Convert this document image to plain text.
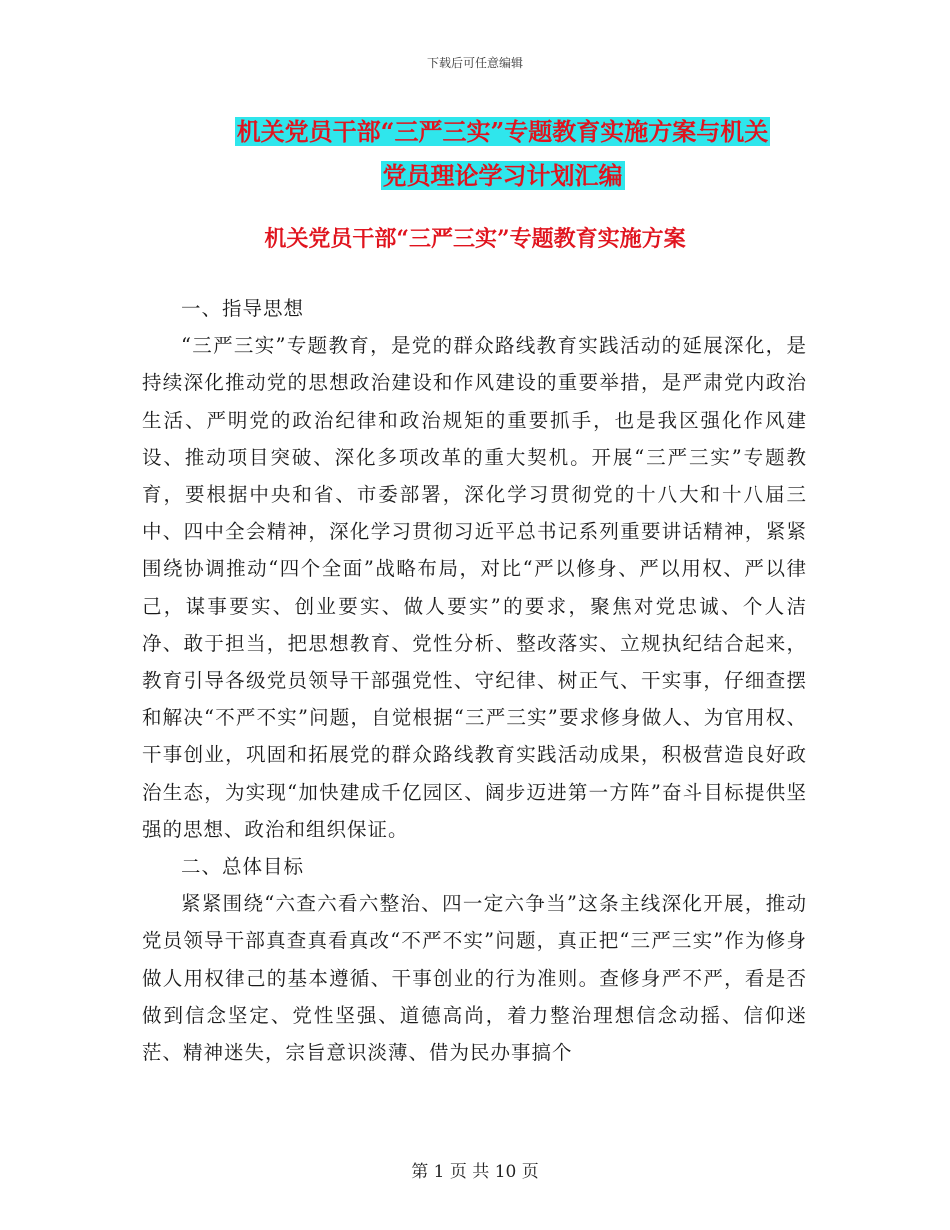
下载后可任意编辑
机关党员干部“三严三实”专题教育实施方案与机关
党员理论学习计划汇编
机关党员干部“三严三实”专题教育实施方案
一、指导思想

“三严三实”专题教育，是党的群众路线教育实践活动的延展深化，是持续深化推动党的思想政治建设和作风建设的重要举措，是严肃党内政治生活、严明党的政治纪律和政治规矩的重要抓手，也是我区强化作风建设、推动项目突破、深化多项改革的重大契机。开展“三严三实”专题教育，要根据中央和省、市委部署，深化学习贯彻党的十八大和十八届三中、四中全会精神，深化学习贯彻习近平总书记系列重要讲话精神，紧紧围绕协调推动“四个全面”战略布局，对比“严以修身、严以用权、严以律己，谋事要实、创业要实、做人要实”的要求，聚焦对党忠诚、个人洁净、敢于担当，把思想教育、党性分析、整改落实、立规执纪结合起来，教育引导各级党员领导干部强党性、守纪律、树正气、干实事，仔细查摆和解决“不严不实”问题，自觉根据“三严三实”要求修身做人、为官用权、干事创业，巩固和拓展党的群众路线教育实践活动成果，积极营造良好政治生态，为实现“加快建成千亿园区、阔步迈进第一方阵”奋斗目标提供坚强的思想、政治和组织保证。

二、总体目标

紧紧围绕“六查六看六整治、四一定六争当”这条主线深化开展，推动党员领导干部真查真看真改“不严不实”问题，真正把“三严三实”作为修身做人用权律己的基本遵循、干事创业的行为准则。查修身严不严，看是否做到信念坚定、党性坚强、道德高尚，着力整治理想信念动摇、信仰迷茫、精神迷失，宗旨意识淡薄、借为民办事搞个

第 1 页 共 10 页
